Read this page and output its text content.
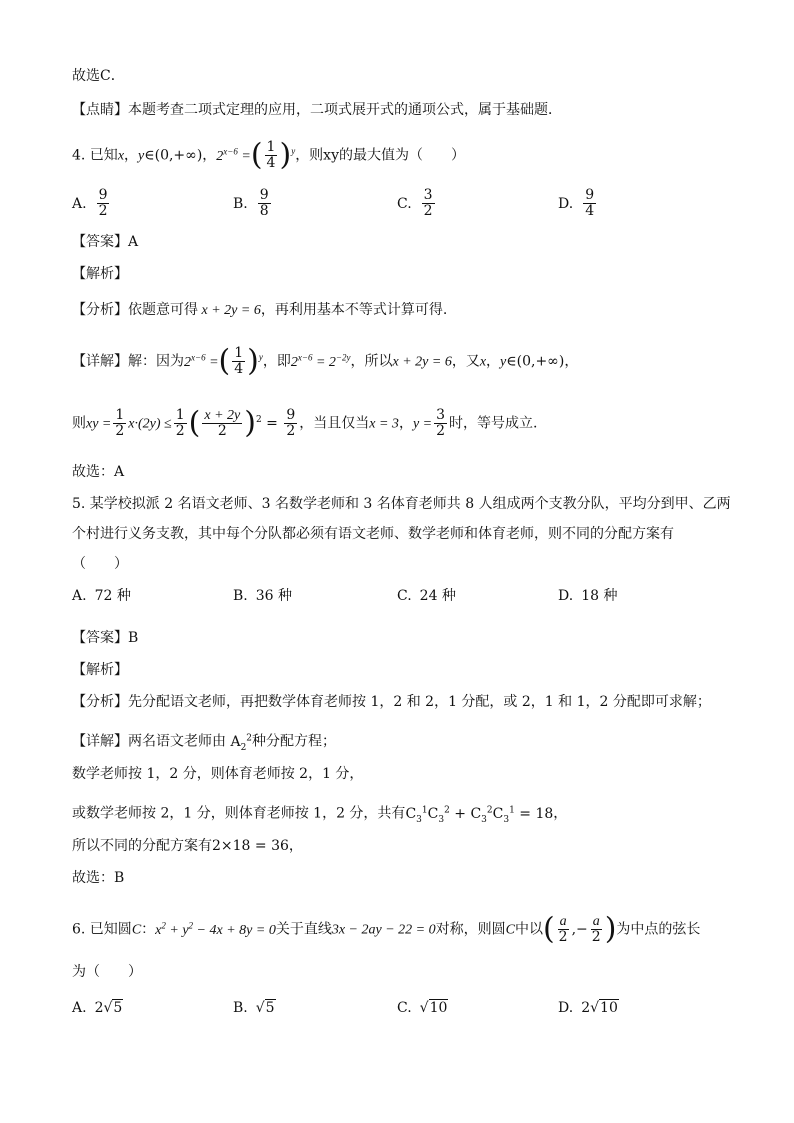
故选C．
【点睛】本题考查二项式定理的应用，二项式展开式的通项公式，属于基础题．
4. 已知x，y∈(0,+∞)，$2^{x-6}$ =( $\frac{1}{4} )^y$，则xy的最大值为（　　）
A. $\frac{9}{2}$	B. $\frac{9}{8}$	C. $\frac{3}{2}$	D. $\frac{9}{4}$
【答案】A
【解析】
【分析】依题意可得 x + 2y = 6，再利用基本不等式计算可得.
【详解】解：因为$2^{x-6}$ =( $\frac{1}{4} )^y$，即$2^{x-6} = 2^{-2y}$，所以x + 2y = 6，又x，y∈(0,+∞)，
则xy = $\frac{1}{2} x\cdot(2y) \le \frac{1}{2}$ ( $\frac{x + 2y}{2} )^2 = \frac{9}{2}$ ，当且仅当x = 3，$y = \frac{3}{2}$ 时，等号成立.
故选：A
5. 某学校拟派 2 名语文老师、3 名数学老师和 3 名体育老师共 8 人组成两个支教分队，平均分到甲、乙两
个村进行义务支教，其中每个分队都必须有语文老师、数学老师和体育老师，则不同的分配方案有
（　　）
A. 72 种	B. 36 种	C. 24 种	D. 18 种
【答案】B
【解析】
【分析】先分配语文老师，再把数学体育老师按 1，2 和 2，1 分配，或 2，1 和 1，2 分配即可求解；
【详解】两名语文老师由 $A_2^2$种分配方程；
数学老师按 1，2 分，则体育老师按 2，1 分，
或数学老师按 2，1 分，则体育老师按 1，2 分，共有$C_3^1C_3^2 + C_3^2C_3^1 = 18$，
所以不同的分配方案有2×18 = 36，
故选：B
6. 已知圆C：$x^2 + y^2 - 4x + 8y = 0$关于直线3x − 2ay − 22 = 0对称，则圆C中以( $\frac{a}{2}$ ,− $\frac{a}{2}$ )为中点的弦长
为（　　）
A. 2√5	B. √5	C. √10	D. 2√10
